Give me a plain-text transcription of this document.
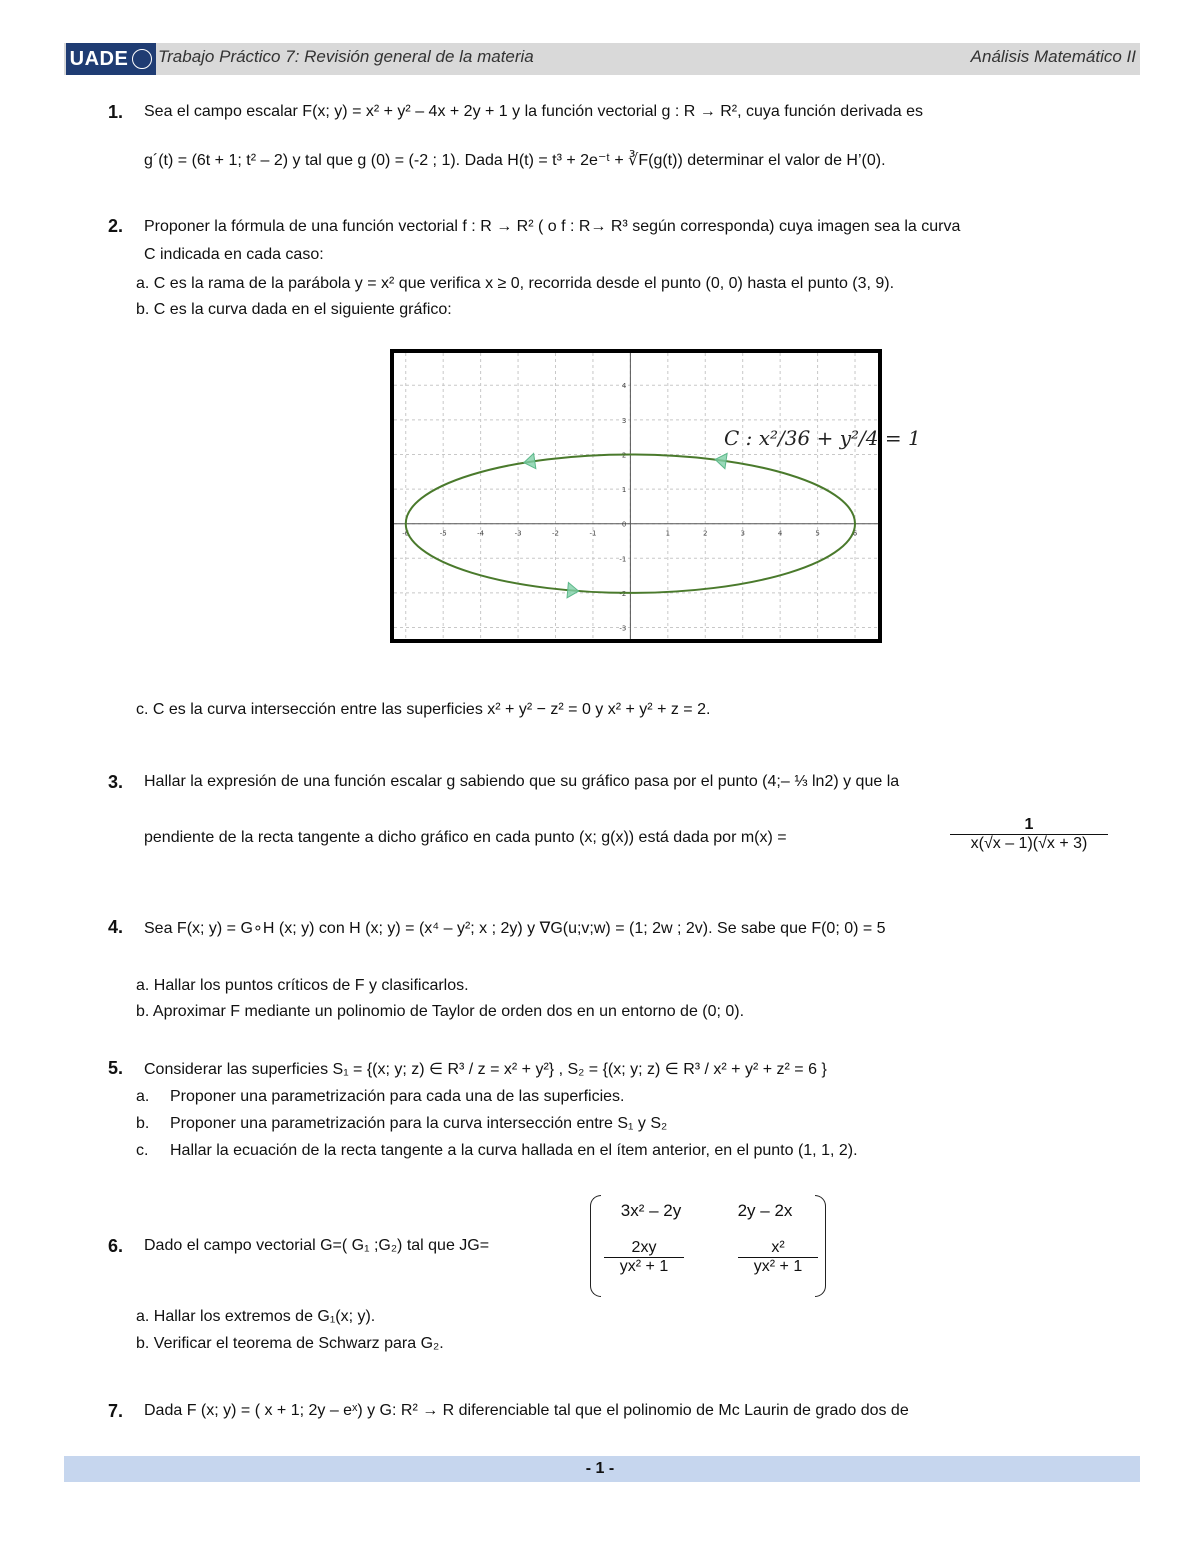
UADE Trabajo Práctico 7: Revisión general de la materia	Análisis Matemático II
1. Sea el campo escalar F(x; y) = x² + y² – 4x + 2y + 1 y la función vectorial g : R → R², cuya función derivada es
g´(t) = (6t + 1; t² – 2) y tal que g (0) = (-2 ; 1). Dada H(t) = t³ + 2e⁻ᵗ + ∛F(g(t)) determinar el valor de H’(0).
2. Proponer la fórmula de una función vectorial f : R → R² ( o f : R→ R³ según corresponda) cuya imagen sea la curva
C indicada en cada caso:
a. C es la rama de la parábola y = x² que verifica x ≥ 0, recorrida desde el punto (0, 0) hasta el punto (3, 9).
b. C es la curva dada en el siguiente gráfico:
-6	-5	-4	-3	-2	-1	1	2	3	4	5	6
4
3
2
1
0
-1
-2
-3
C : x²/36 + y²/4 = 1
c. C es la curva intersección entre las superficies x² + y² − z² = 0 y x² + y² + z = 2.
3. Hallar la expresión de una función escalar g sabiendo que su gráfico pasa por el punto (4;– ⅓ ln2) y que la
pendiente de la recta tangente a dicho gráfico en cada punto (x; g(x)) está dada por m(x) =	$\frac{1}{x(√x - 1)(√x + 3)}$
4. Sea F(x; y) = G∘H (x; y) con H (x; y) = (x⁴ – y²; x ; 2y) y ∇G(u;v;w) = (1; 2w ; 2v). Se sabe que F(0; 0) = 5
a. Hallar los puntos críticos de F y clasificarlos.
b. Aproximar F mediante un polinomio de Taylor de orden dos en un entorno de (0; 0).
5. Considerar las superficies S₁ = {(x; y; z) ∈ R³ / z = x² + y²} , S₂ = {(x; y; z) ∈ R³ / x² + y² + z² = 6 }
a. Proponer una parametrización para cada una de las superficies.
b. Proponer una parametrización para la curva intersección entre S₁ y S₂
c. Hallar la ecuación de la recta tangente a la curva hallada en el ítem anterior, en el punto (1, 1, 2).
6. Dado el campo vectorial G=( G₁ ;G₂) tal que JG=
3x² – 2y	2y – 2x
$\frac{2xy}{\text{yx² + 1}}$	$\frac{\text{x²}}{\text{yx² + 1}}$
a. Hallar los extremos de G₁(x; y).
b. Verificar el teorema de Schwarz para G₂.
7. Dada F (x; y) = ( x + 1; 2y – eˣ) y G: R² → R diferenciable tal que el polinomio de Mc Laurin de grado dos de
- 1 -
